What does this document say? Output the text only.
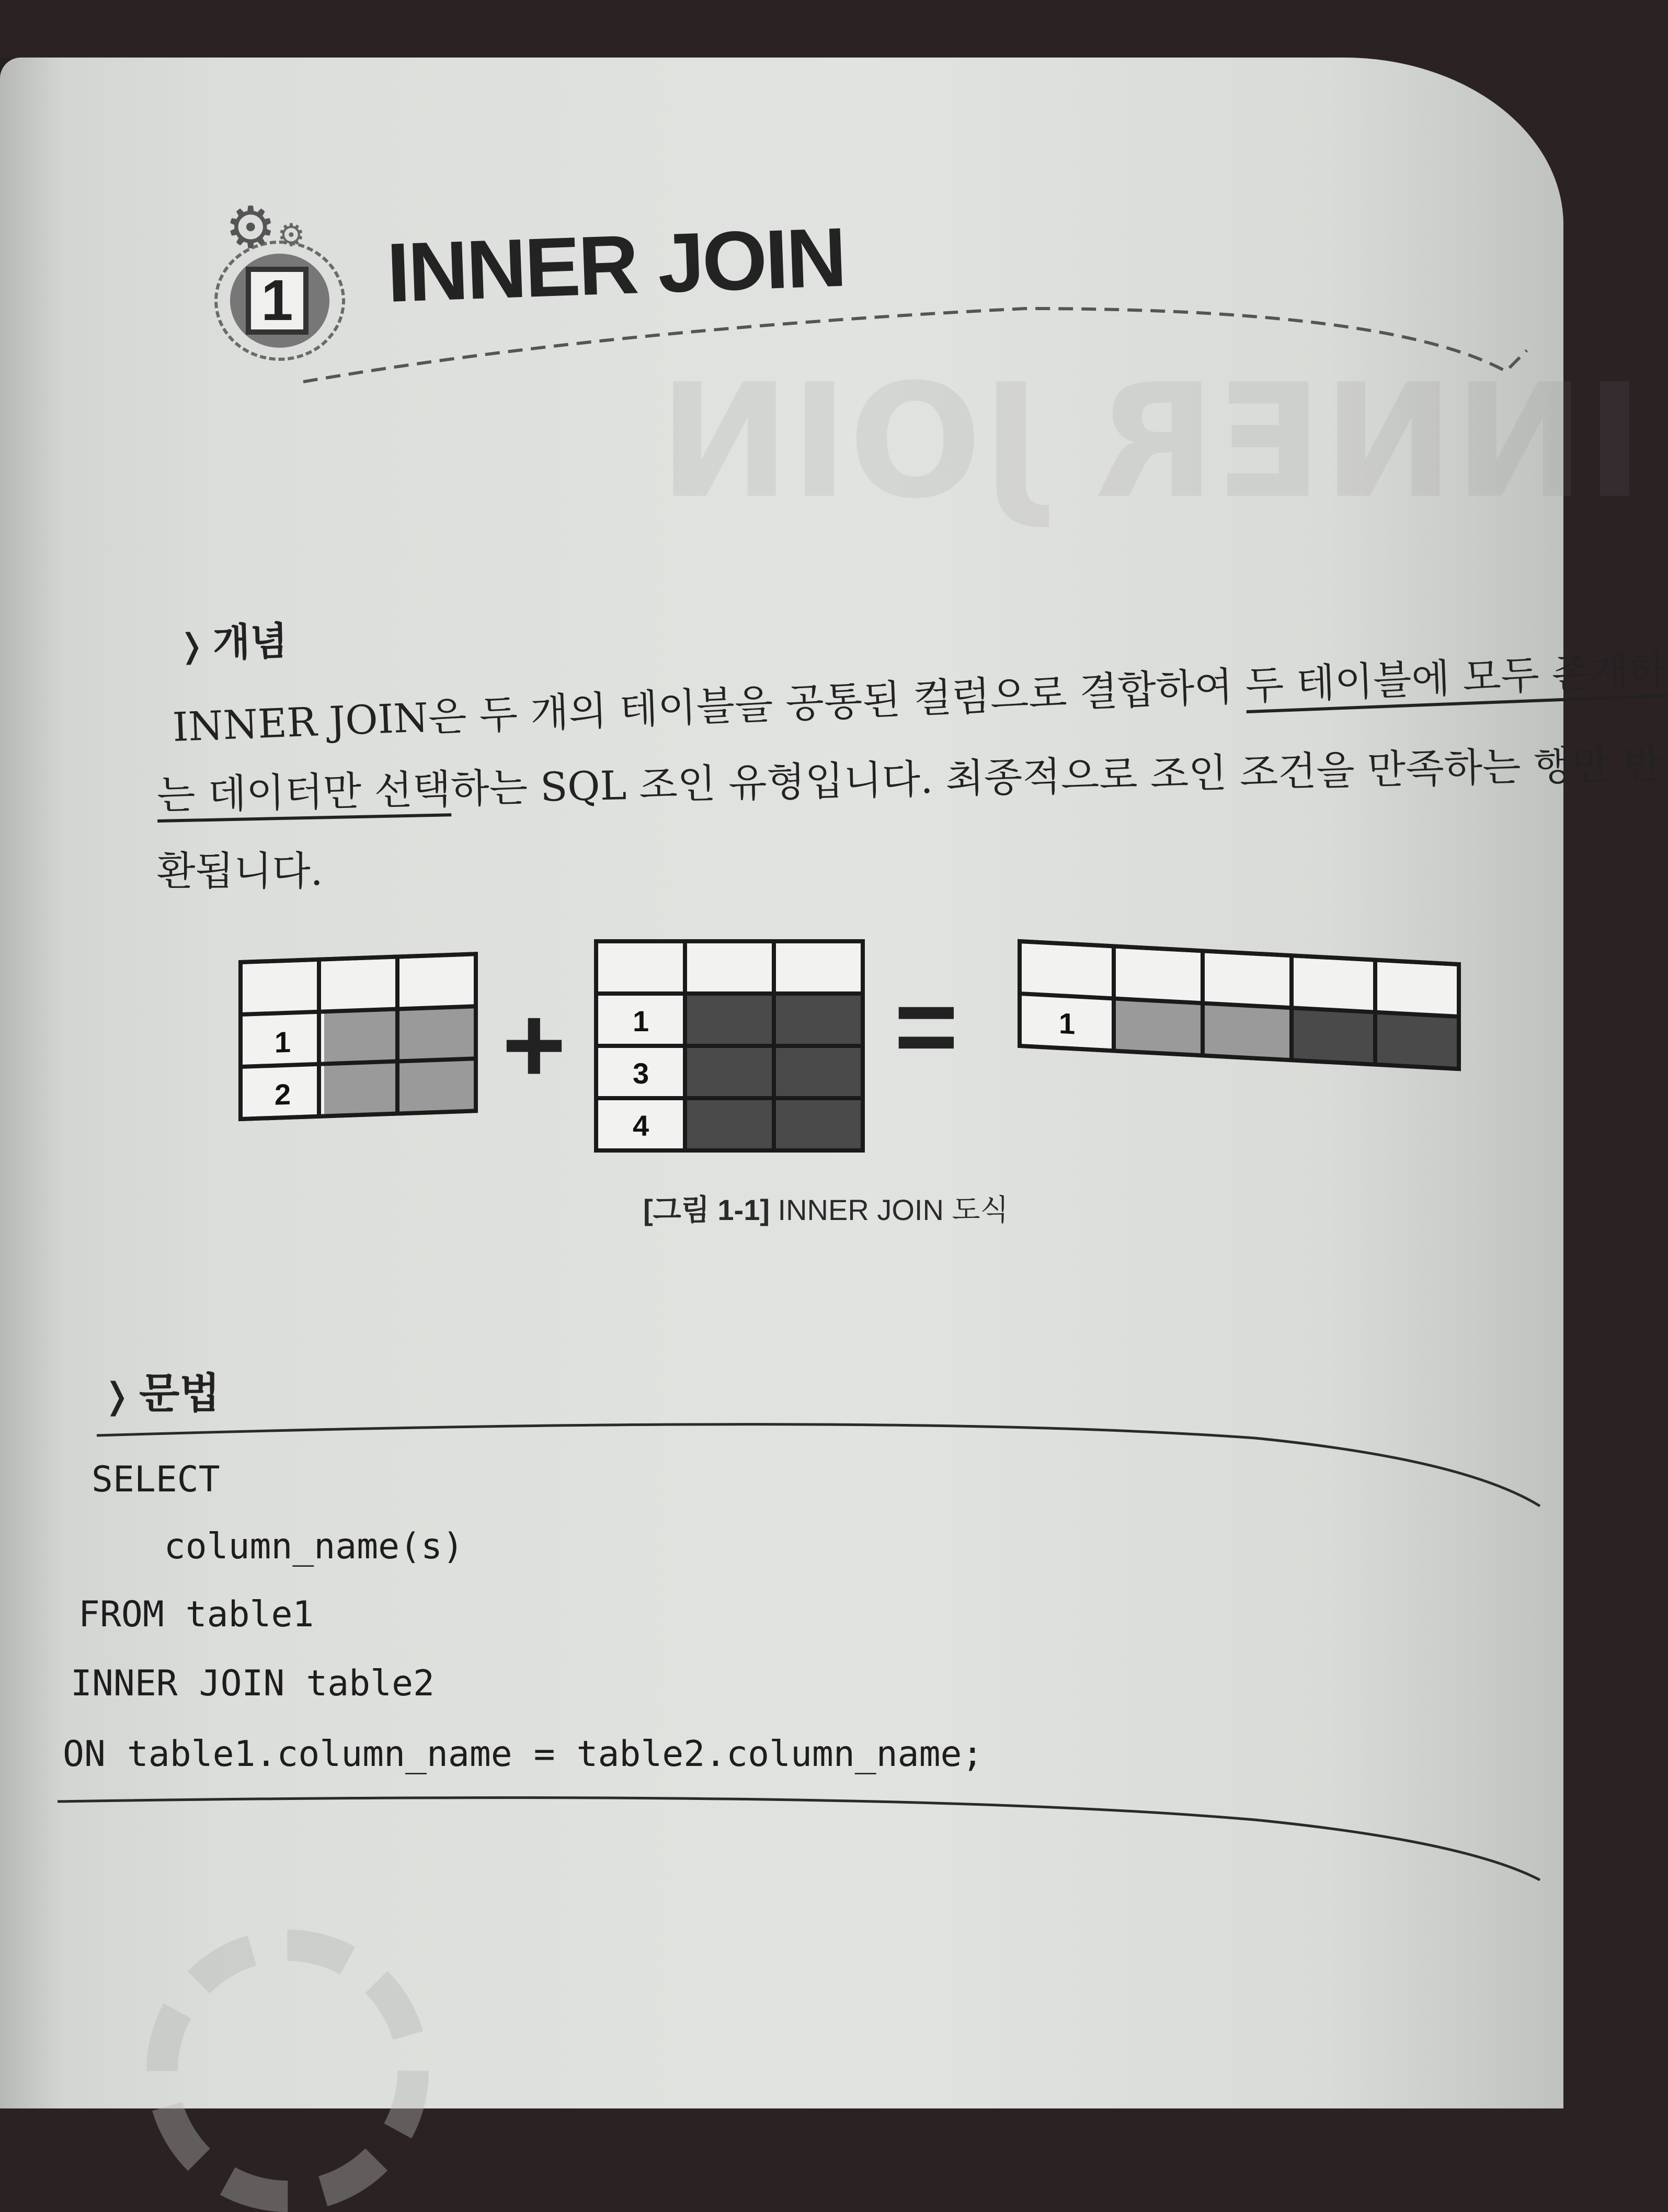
INNER JOIN
⚙ ⚙
1 INNER JOIN
❭ 개념
INNER JOIN은 두 개의 테이블을 공통된 컬럼으로 결합하여 두 테이블에 모두 존재하
는 데이터만 선택하는 SQL 조인 유형입니다. 최종적으로 조인 조건을 만족하는 행만 반
환됩니다.
1
2 + 1
3
4
=	1
[그림 1-1] INNER JOIN 도식
❭ 문법
SELECT
column_name(s)
FROM table1
INNER JOIN table2
ON table1.column_name = table2.column_name;
